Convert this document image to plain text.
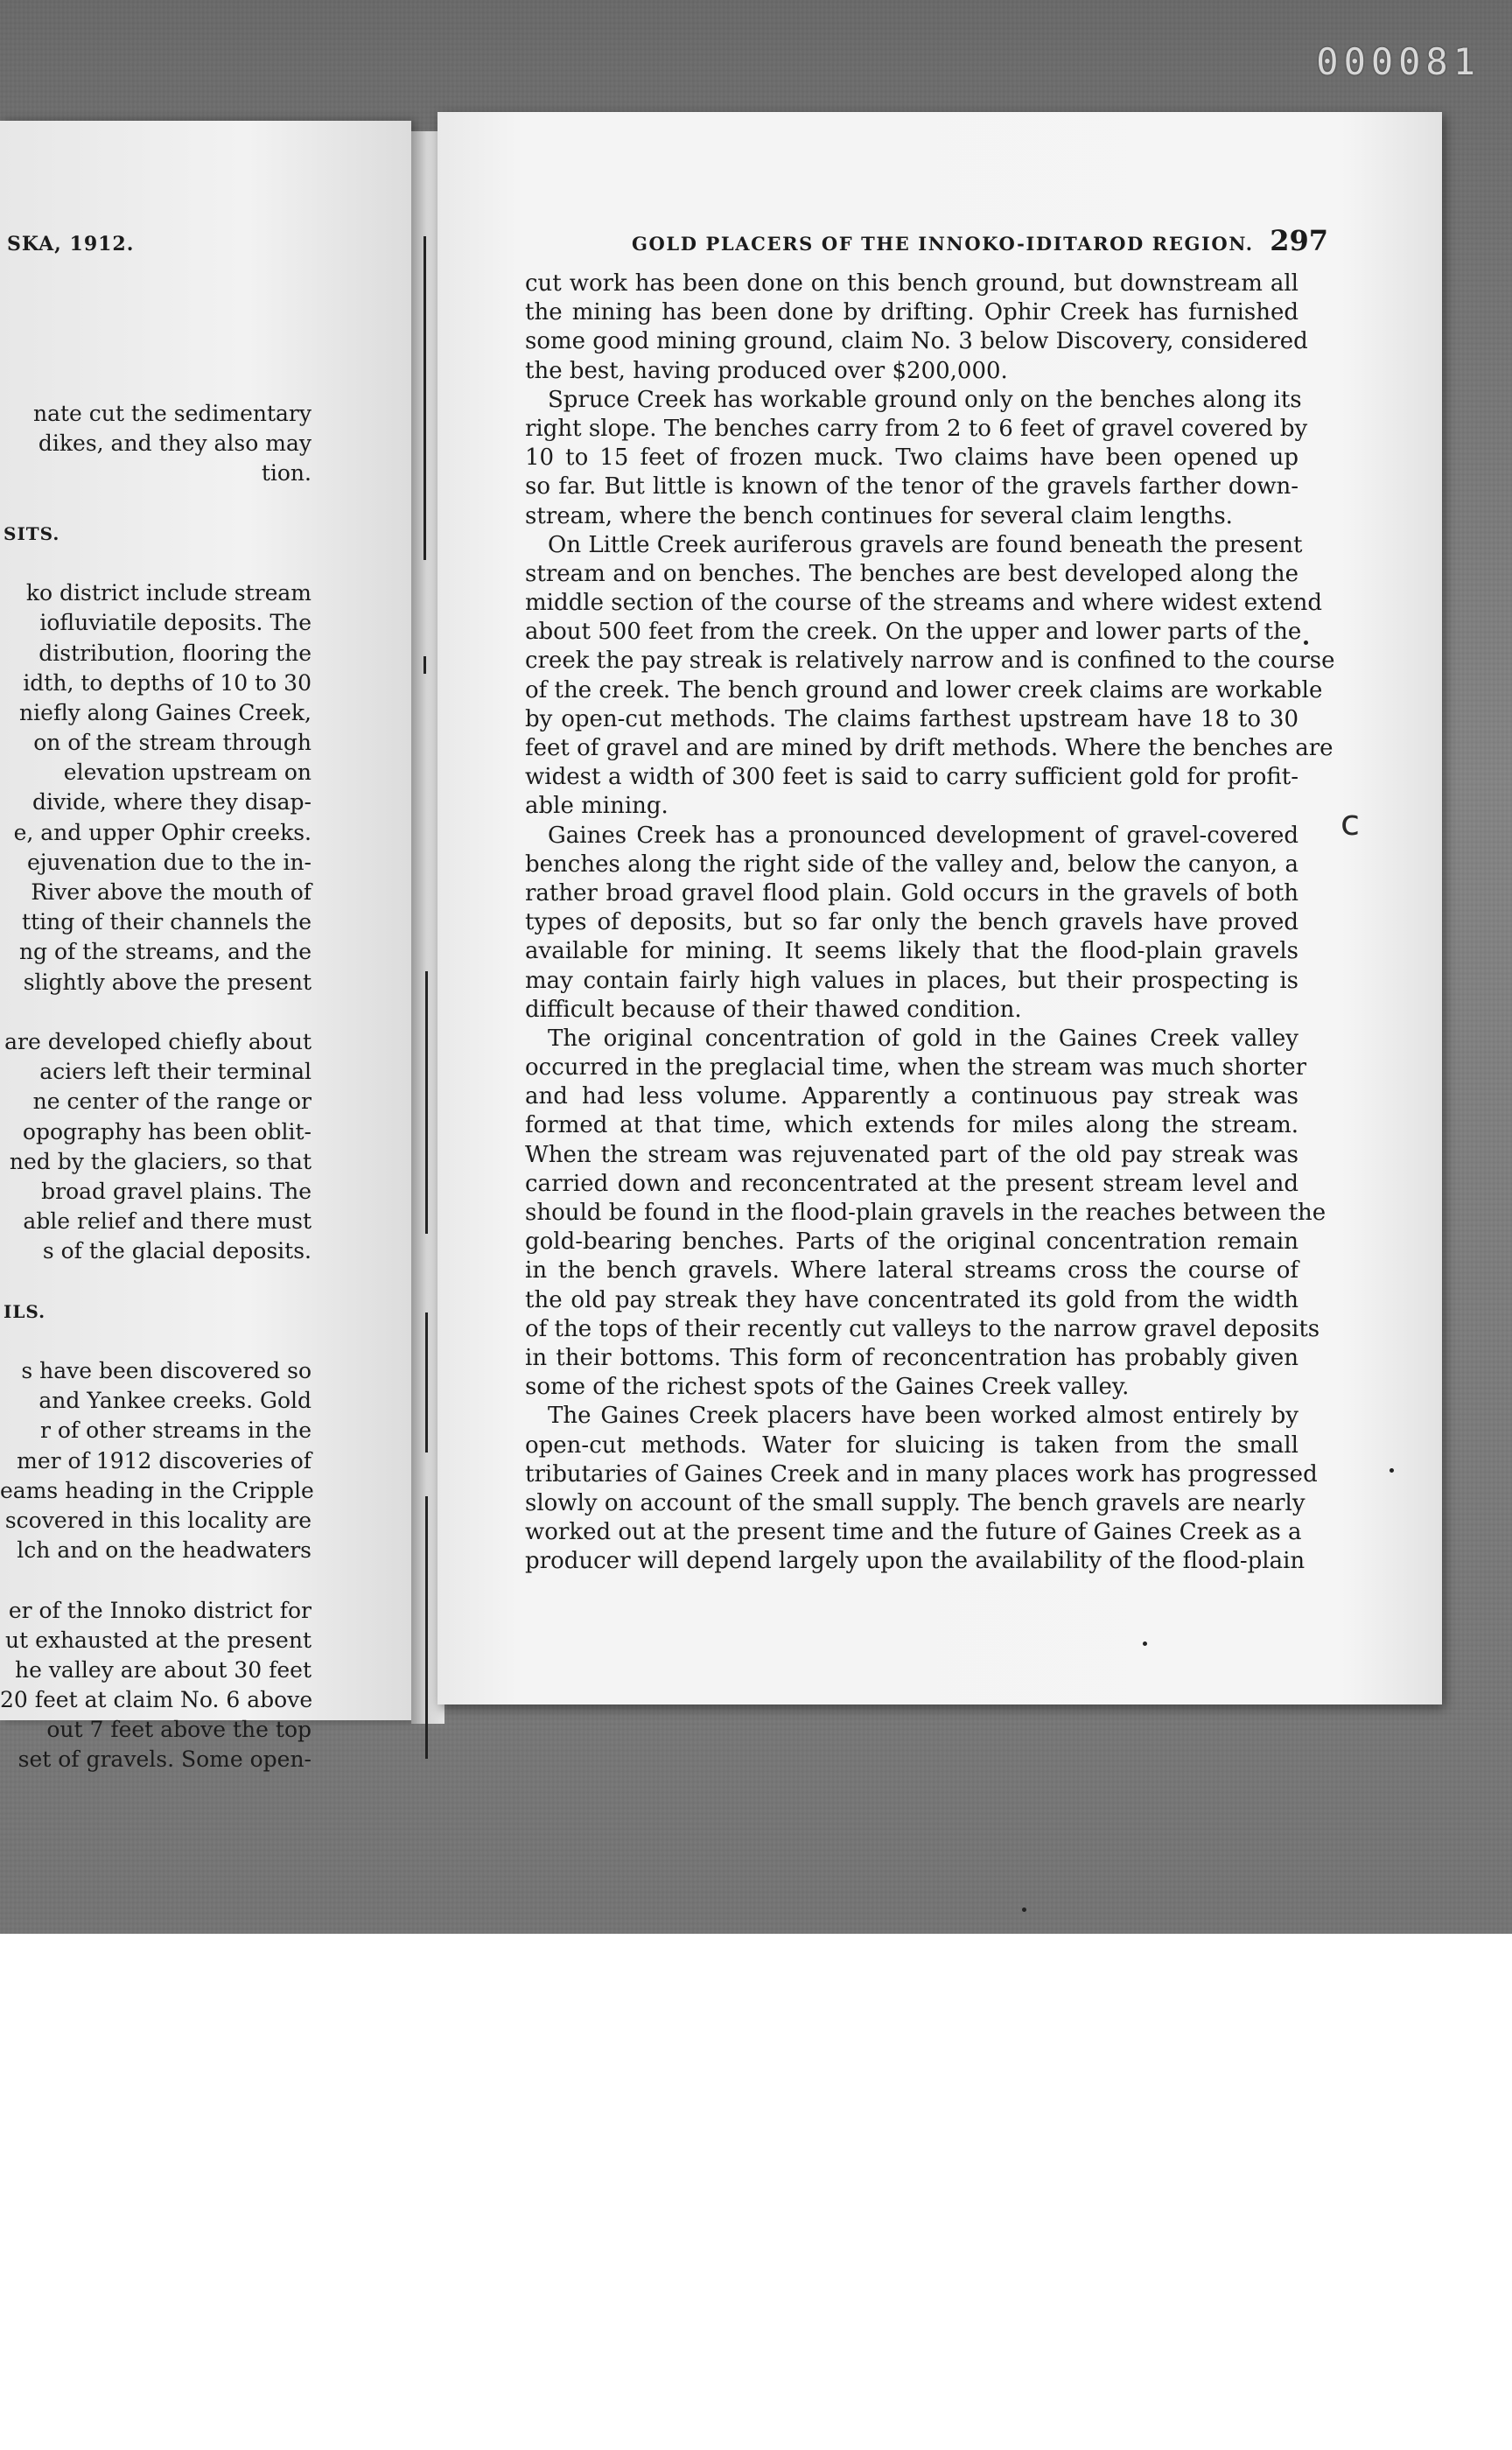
000081
SKA, 1912.
nate cut the sedimentary
dikes, and they also may
tion.
SITS.
ko district include stream
iofluviatile deposits. The
distribution, flooring the
idth, to depths of 10 to 30
niefly along Gaines Creek,
on of the stream through
elevation upstream on
divide, where they disap-
e, and upper Ophir creeks.
ejuvenation due to the in-
River above the mouth of
tting of their channels the
ng of the streams, and the
slightly above the present
are developed chiefly about
aciers left their terminal
ne center of the range or
opography has been oblit-
ned by the glaciers, so that
broad gravel plains. The
able relief and there must
s of the glacial deposits.
ILS.
s have been discovered so
and Yankee creeks. Gold
r of other streams in the
mer of 1912 discoveries of
eams heading in the Cripple
scovered in this locality are
lch and on the headwaters
er of the Innoko district for
ut exhausted at the present
he valley are about 30 feet
20 feet at claim No. 6 above
out 7 feet above the top
set of gravels. Some open-
GOLD PLACERS OF THE INNOKO-IDITAROD REGION. 297
cut work has been done on this bench ground, but downstream all
the mining has been done by drifting. Ophir Creek has furnished
some good mining ground, claim No. 3 below Discovery, considered
the best, having produced over $200,000.
Spruce Creek has workable ground only on the benches along its
right slope. The benches carry from 2 to 6 feet of gravel covered by
10 to 15 feet of frozen muck. Two claims have been opened up
so far. But little is known of the tenor of the gravels farther down-
stream, where the bench continues for several claim lengths.
On Little Creek auriferous gravels are found beneath the present
stream and on benches. The benches are best developed along the
middle section of the course of the streams and where widest extend
about 500 feet from the creek. On the upper and lower parts of the
creek the pay streak is relatively narrow and is confined to the course
of the creek. The bench ground and lower creek claims are workable
by open-cut methods. The claims farthest upstream have 18 to 30
feet of gravel and are mined by drift methods. Where the benches are
widest a width of 300 feet is said to carry sufficient gold for profit-
able mining.
Gaines Creek has a pronounced development of gravel-covered
benches along the right side of the valley and, below the canyon, a
rather broad gravel flood plain. Gold occurs in the gravels of both
types of deposits, but so far only the bench gravels have proved
available for mining. It seems likely that the flood-plain gravels
may contain fairly high values in places, but their prospecting is
difficult because of their thawed condition.
The original concentration of gold in the Gaines Creek valley
occurred in the preglacial time, when the stream was much shorter
and had less volume. Apparently a continuous pay streak was
formed at that time, which extends for miles along the stream.
When the stream was rejuvenated part of the old pay streak was
carried down and reconcentrated at the present stream level and
should be found in the flood-plain gravels in the reaches between the
gold-bearing benches. Parts of the original concentration remain
in the bench gravels. Where lateral streams cross the course of
the old pay streak they have concentrated its gold from the width
of the tops of their recently cut valleys to the narrow gravel deposits
in their bottoms. This form of reconcentration has probably given
some of the richest spots of the Gaines Creek valley.
The Gaines Creek placers have been worked almost entirely by
open-cut methods. Water for sluicing is taken from the small
tributaries of Gaines Creek and in many places work has progressed
slowly on account of the small supply. The bench gravels are nearly
worked out at the present time and the future of Gaines Creek as a
producer will depend largely upon the availability of the flood-plain
c
